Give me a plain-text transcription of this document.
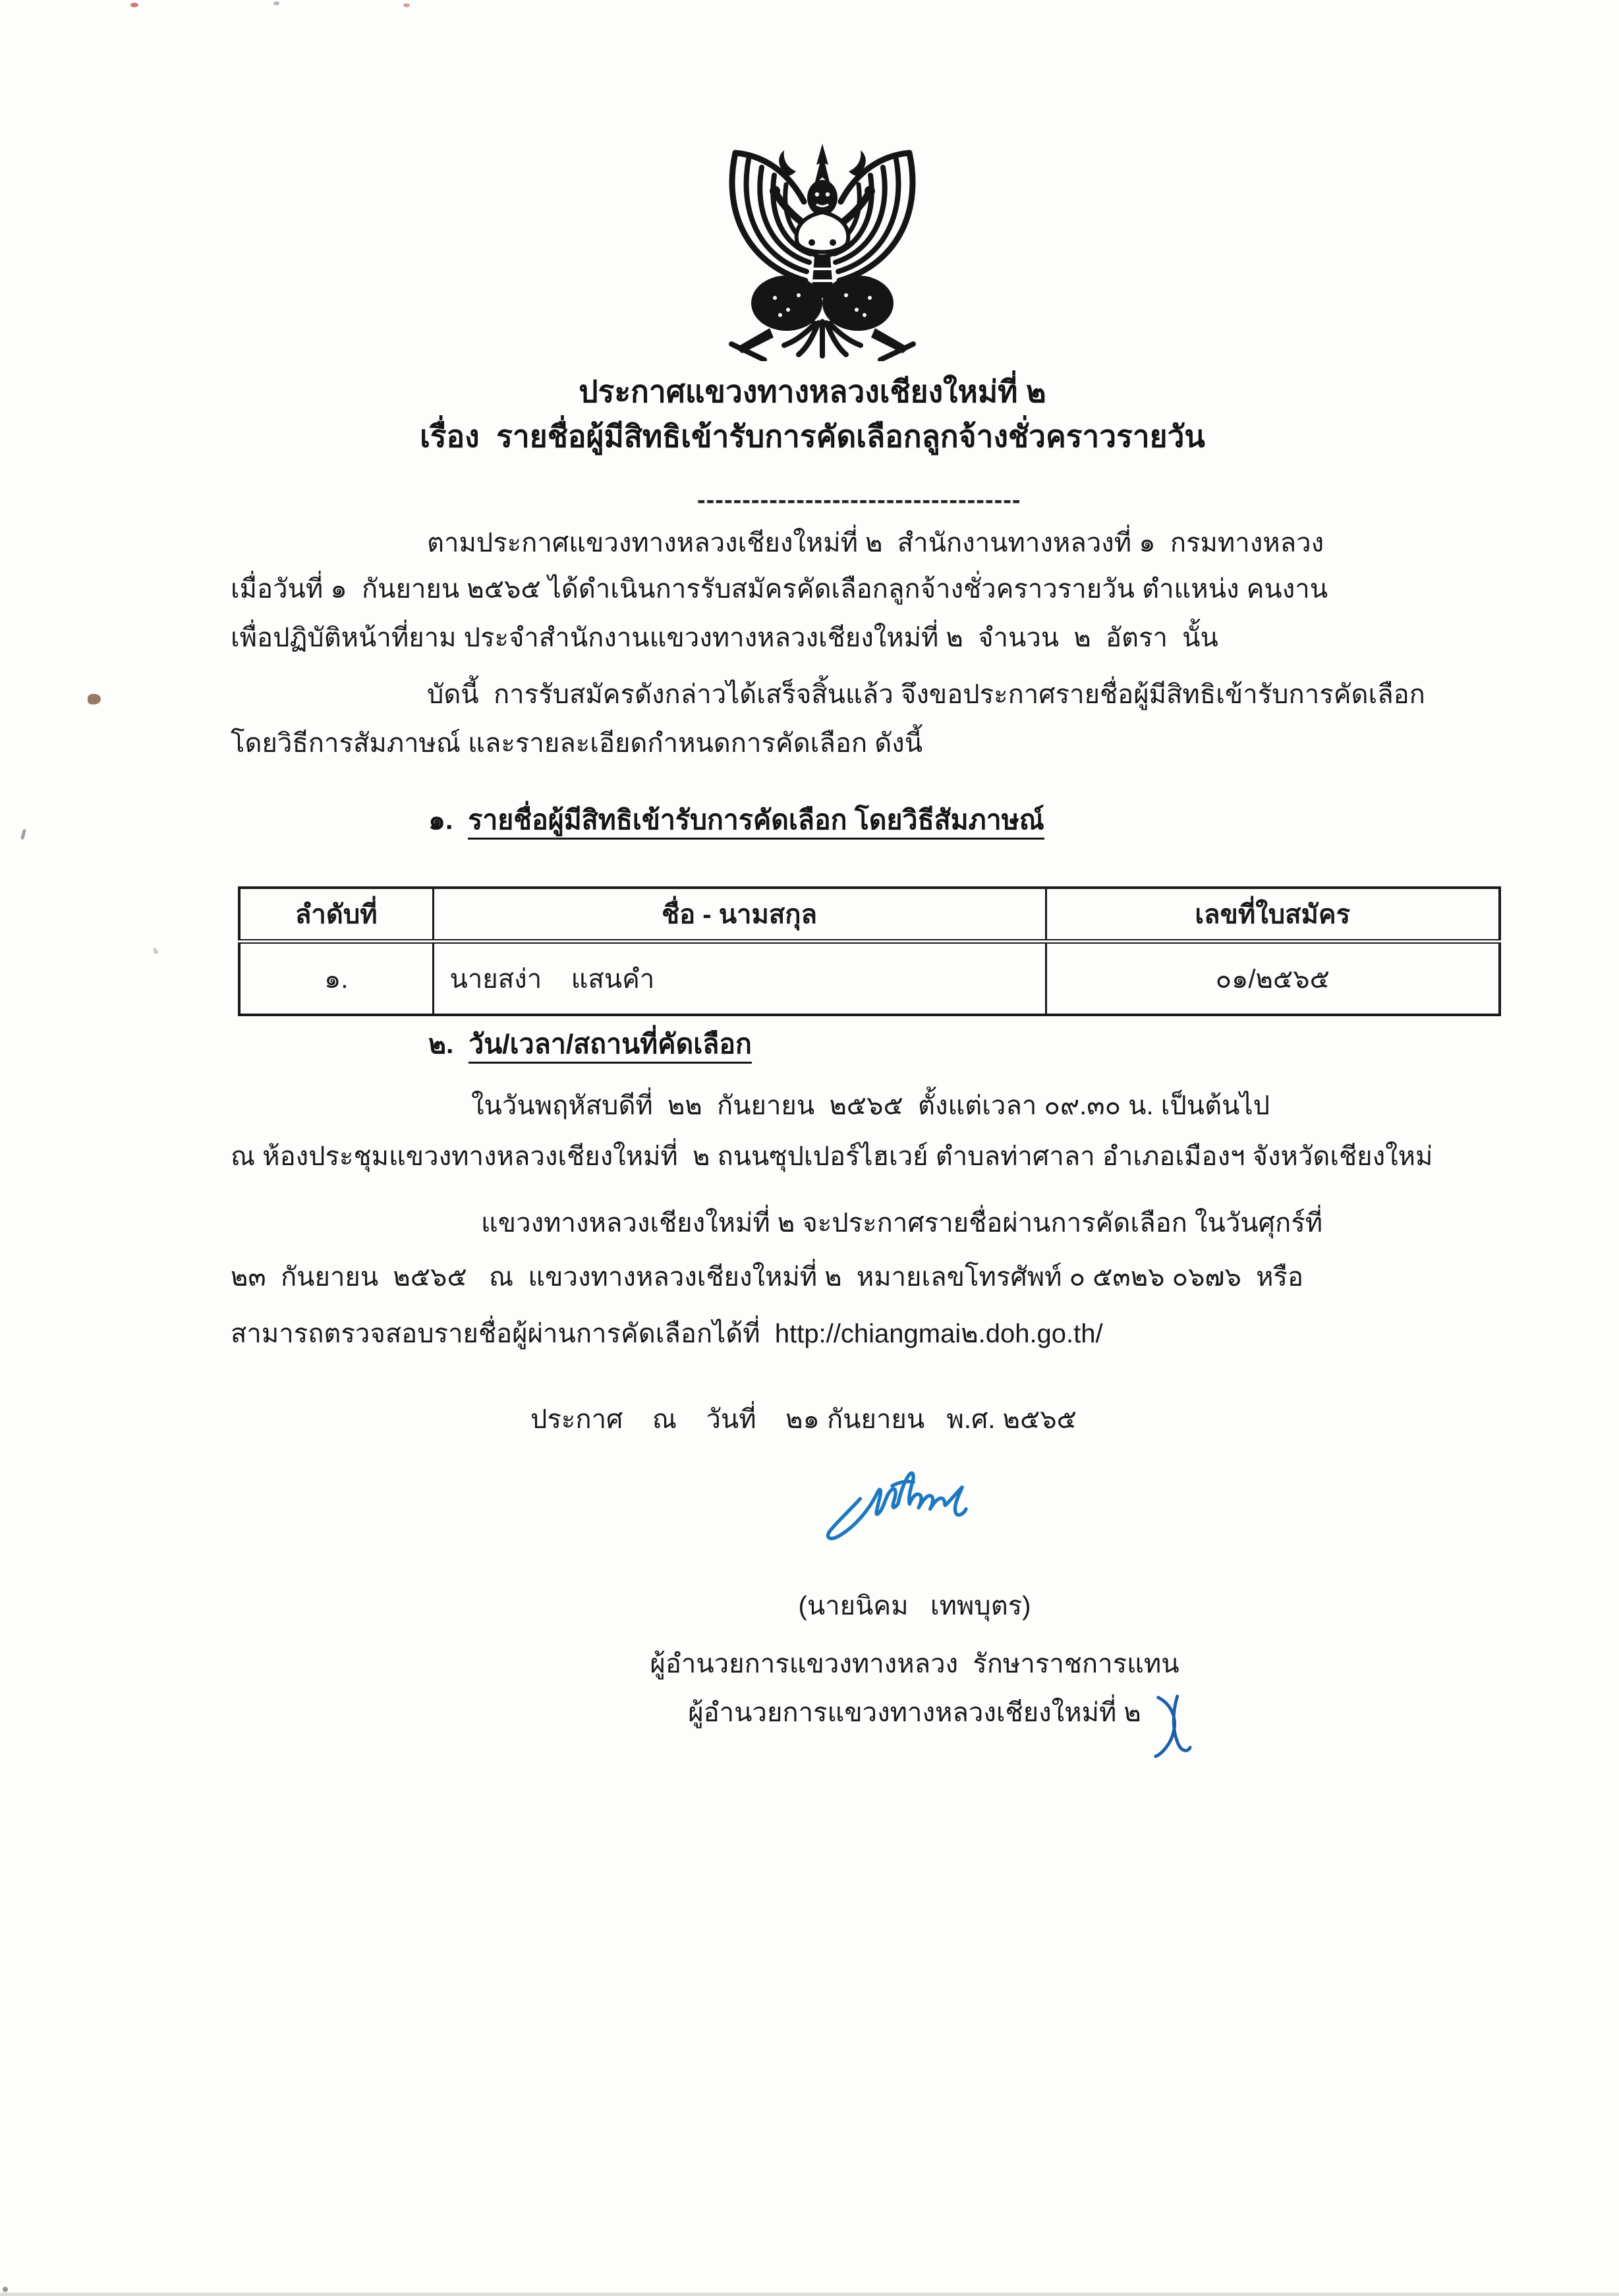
ประกาศแขวงทางหลวงเชียงใหม่ที่ ๒
เรื่อง  รายชื่อผู้มีสิทธิเข้ารับการคัดเลือกลูกจ้างชั่วคราวรายวัน
------------------------------------
ตามประกาศแขวงทางหลวงเชียงใหม่ที่ ๒  สำนักงานทางหลวงที่ ๑  กรมทางหลวง
เมื่อวันที่ ๑  กันยายน ๒๕๖๕ ได้ดำเนินการรับสมัครคัดเลือกลูกจ้างชั่วคราวรายวัน ตำแหน่ง คนงาน
เพื่อปฏิบัติหน้าที่ยาม ประจำสำนักงานแขวงทางหลวงเชียงใหม่ที่ ๒  จำนวน  ๒  อัตรา  นั้น
บัดนี้  การรับสมัครดังกล่าวได้เสร็จสิ้นแล้ว จึงขอประกาศรายชื่อผู้มีสิทธิเข้ารับการคัดเลือก
โดยวิธีการสัมภาษณ์ และรายละเอียดกำหนดการคัดเลือก ดังนี้
๑. รายชื่อผู้มีสิทธิเข้ารับการคัดเลือก โดยวิธีสัมภาษณ์
ลำดับที่	ชื่อ - นามสกุล	เลขที่ใบสมัคร
๑.	นายสง่า    แสนคำ	๐๑/๒๕๖๕
๒. วัน/เวลา/สถานที่คัดเลือก
ในวันพฤหัสบดีที่  ๒๒  กันยายน  ๒๕๖๕  ตั้งแต่เวลา ๐๙.๓๐ น. เป็นต้นไป
ณ ห้องประชุมแขวงทางหลวงเชียงใหม่ที่  ๒ ถนนซุปเปอร์ไฮเวย์ ตำบลท่าศาลา อำเภอเมืองฯ จังหวัดเชียงใหม่
แขวงทางหลวงเชียงใหม่ที่ ๒ จะประกาศรายชื่อผ่านการคัดเลือก ในวันศุกร์ที่
๒๓  กันยายน  ๒๕๖๕   ณ  แขวงทางหลวงเชียงใหม่ที่ ๒  หมายเลขโทรศัพท์ ๐ ๕๓๒๖ ๐๖๗๖  หรือ
สามารถตรวจสอบรายชื่อผู้ผ่านการคัดเลือกได้ที่  http://chiangmai๒.doh.go.th/
ประกาศ    ณ    วันที่    ๒๑ กันยายน   พ.ศ. ๒๕๖๕
(นายนิคม   เทพบุตร)
ผู้อำนวยการแขวงทางหลวง  รักษาราชการแทน
ผู้อำนวยการแขวงทางหลวงเชียงใหม่ที่ ๒
